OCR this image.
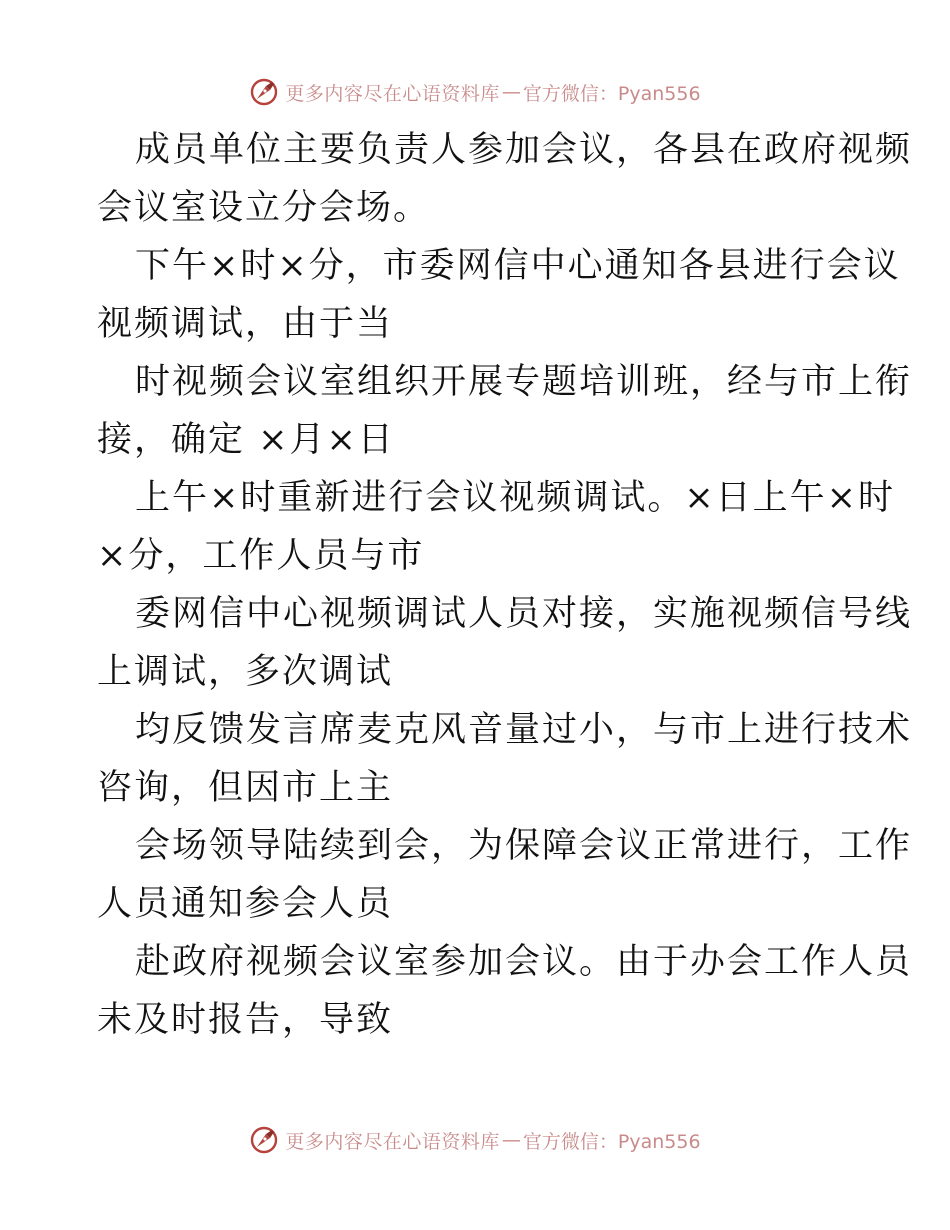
更多内容尽在心语资料库 — 官方微信：Pyan556
成员单位主要负责人参加会议，各县在政府视频
会议室设立分会场。
下午×时×分，市委网信中心通知各县进行会议
视频调试，由于当
时视频会议室组织开展专题培训班，经与市上衔
接，确定 ×月×日
上午×时重新进行会议视频调试。×日上午×时
×分，工作人员与市
委网信中心视频调试人员对接，实施视频信号线
上调试，多次调试
均反馈发言席麦克风音量过小，与市上进行技术
咨询，但因市上主
会场领导陆续到会，为保障会议正常进行，工作
人员通知参会人员
赴政府视频会议室参加会议。由于办会工作人员
未及时报告，导致
更多内容尽在心语资料库 — 官方微信：Pyan556
